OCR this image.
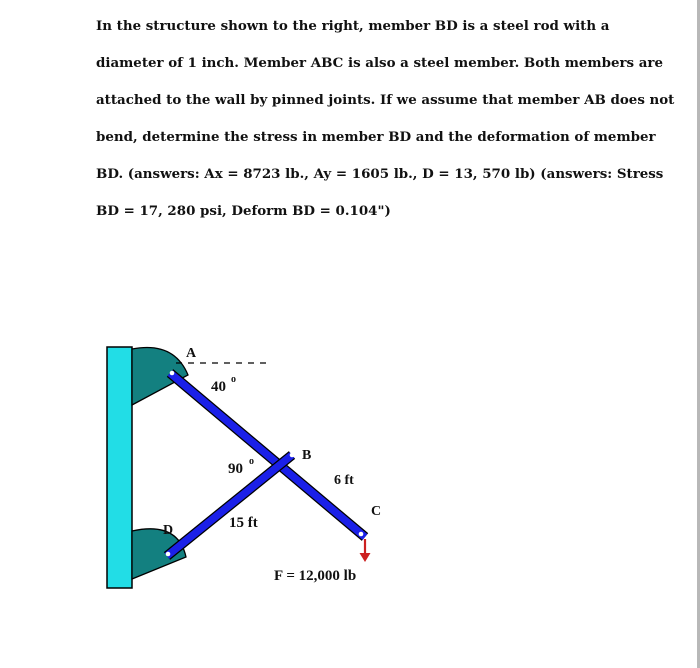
In the structure shown to the right, member BD is a steel rod with a
diameter of 1 inch. Member ABC is also a steel member. Both members are
attached to the wall by pinned joints. If we assume that member AB does not
bend, determine the stress in member BD and the deformation of member
BD. (answers: Ax = 8723 lb., Ay = 1605 lb., D = 13, 570 lb) (answers: Stress
BD = 17, 280 psi, Deform BD = 0.104")
A
40 o
B
90 o
6 ft
C
15 ft
D
F = 12,000 lb
